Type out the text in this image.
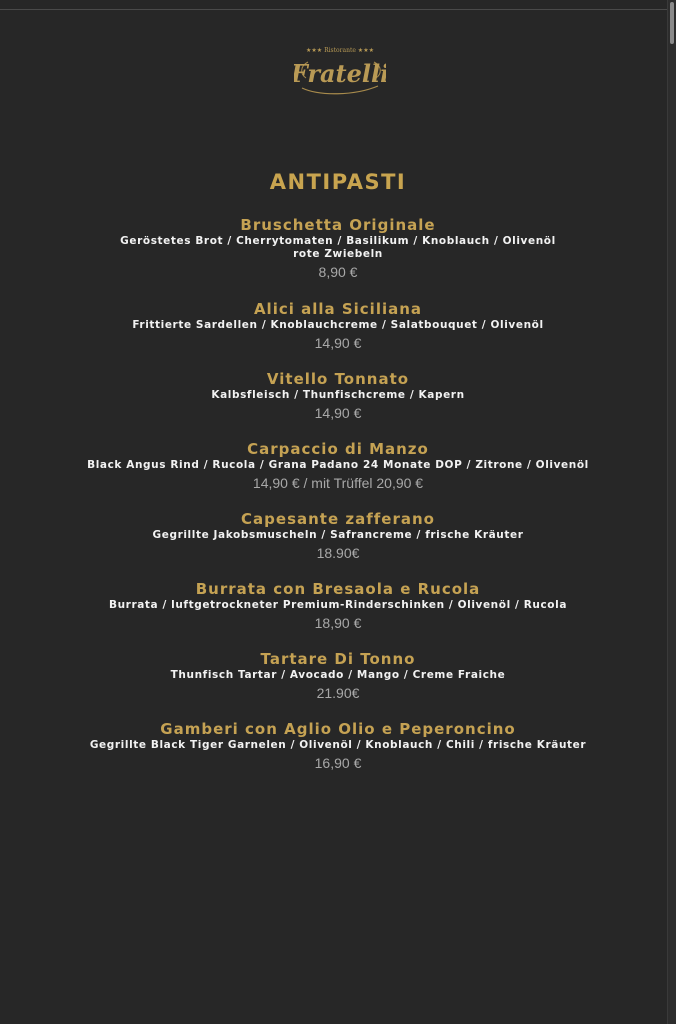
★★★ Ristorante ★★★
Fratelli
ANTIPASTI
Bruschetta Originale
Geröstetes Brot / Cherrytomaten / Basilikum / Knoblauch / Olivenöl
rote Zwiebeln
8,90 €
Alici alla Siciliana
Frittierte Sardellen / Knoblauchcreme / Salatbouquet / Olivenöl
14,90 €
Vitello Tonnato
Kalbsfleisch / Thunfischcreme / Kapern
14,90 €
Carpaccio di Manzo
Black Angus Rind / Rucola / Grana Padano 24 Monate DOP / Zitrone / Olivenöl
14,90 € / mit Trüffel 20,90 €
Capesante zafferano
Gegrillte Jakobsmuscheln / Safrancreme / frische Kräuter
18.90€
Burrata con Bresaola e Rucola
Burrata / luftgetrockneter Premium-Rinderschinken / Olivenöl / Rucola
18,90 €
Tartare Di Tonno
Thunfisch Tartar / Avocado / Mango / Creme Fraiche
21.90€
Gamberi con Aglio Olio e Peperoncino
Gegrillte Black Tiger Garnelen / Olivenöl / Knoblauch / Chili / frische Kräuter
16,90 €
